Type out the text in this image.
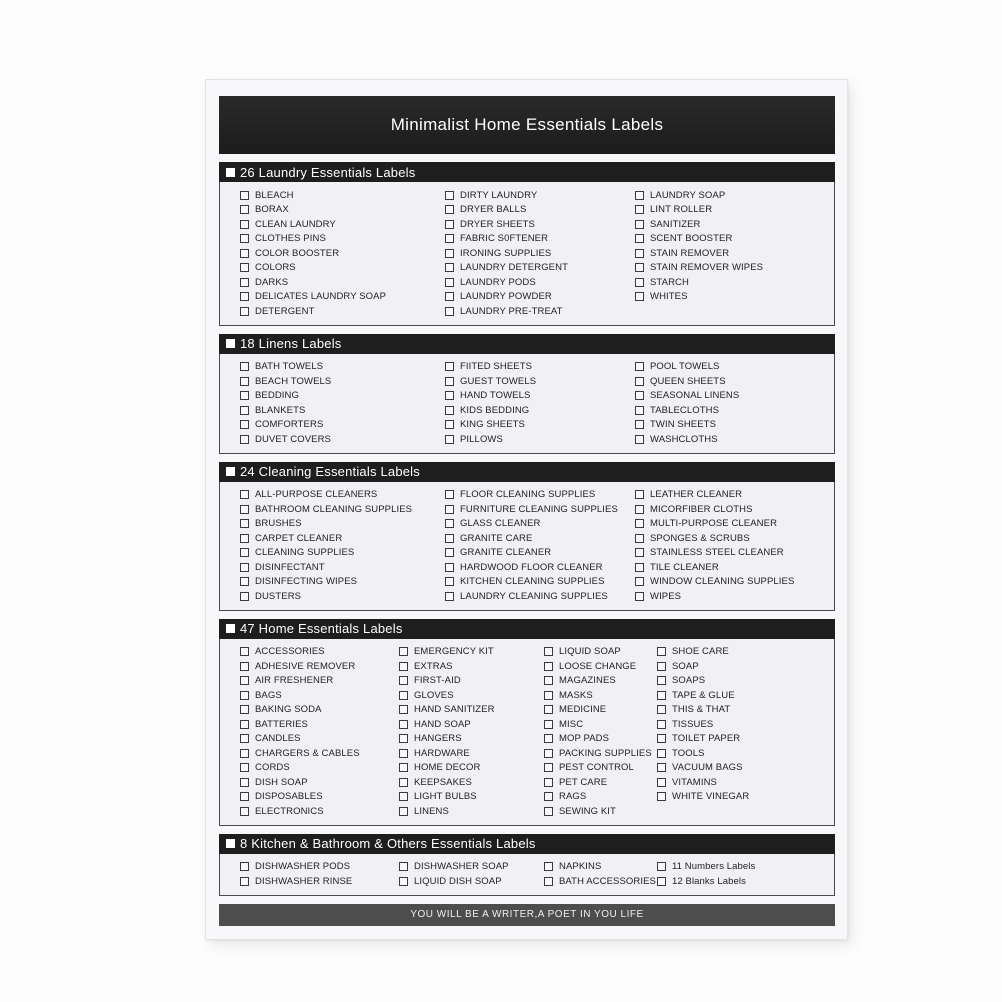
Minimalist Home Essentials Labels
26 Laundry Essentials Labels
BLEACH
BORAX
CLEAN LAUNDRY
CLOTHES PINS
COLOR BOOSTER
COLORS
DARKS
DELICATES LAUNDRY SOAP
DETERGENT
DIRTY LAUNDRY
DRYER BALLS
DRYER SHEETS
FABRIC S0FTENER
IRONING SUPPLIES
LAUNDRY DETERGENT
LAUNDRY PODS
LAUNDRY POWDER
LAUNDRY PRE-TREAT
LAUNDRY SOAP
LINT ROLLER
SANITIZER
SCENT BOOSTER
STAIN REMOVER
STAIN REMOVER WIPES
STARCH
WHITES
18 Linens Labels
BATH TOWELS
BEACH TOWELS
BEDDING
BLANKETS
COMFORTERS
DUVET COVERS
FIITED SHEETS
GUEST TOWELS
HAND TOWELS
KIDS BEDDING
KING SHEETS
PILLOWS
POOL TOWELS
QUEEN SHEETS
SEASONAL LINENS
TABLECLOTHS
TWIN SHEETS
WASHCLOTHS
24 Cleaning Essentials Labels
ALL-PURPOSE CLEANERS
BATHROOM CLEANING SUPPLIES
BRUSHES
CARPET CLEANER
CLEANING SUPPLIES
DISINFECTANT
DISINFECTING WIPES
DUSTERS
FLOOR CLEANING SUPPLIES
FURNITURE CLEANING SUPPLIES
GLASS CLEANER
GRANITE CARE
GRANITE CLEANER
HARDWOOD FLOOR CLEANER
KITCHEN CLEANING SUPPLIES
LAUNDRY CLEANING SUPPLIES
LEATHER CLEANER
MICORFIBER CLOTHS
MULTI-PURPOSE CLEANER
SPONGES & SCRUBS
STAINLESS STEEL CLEANER
TILE CLEANER
WINDOW CLEANING SUPPLIES
WIPES
47 Home Essentials Labels
ACCESSORIES
ADHESIVE REMOVER
AIR FRESHENER
BAGS
BAKING SODA
BATTERIES
CANDLES
CHARGERS & CABLES
CORDS
DISH SOAP
DISPOSABLES
ELECTRONICS
EMERGENCY KIT
EXTRAS
FIRST-AID
GLOVES
HAND SANITIZER
HAND SOAP
HANGERS
HARDWARE
HOME DECOR
KEEPSAKES
LIGHT BULBS
LINENS
LIQUID SOAP
LOOSE CHANGE
MAGAZINES
MASKS
MEDICINE
MISC
MOP PADS
PACKING SUPPLIES
PEST CONTROL
PET CARE
RAGS
SEWING KIT
SHOE CARE
SOAP
SOAPS
TAPE & GLUE
THIS & THAT
TISSUES
TOILET PAPER
TOOLS
VACUUM BAGS
VITAMINS
WHITE VINEGAR
8 Kitchen & Bathroom & Others Essentials Labels
DISHWASHER PODS
DISHWASHER RINSE
DISHWASHER SOAP
LIQUID DISH SOAP
NAPKINS
BATH ACCESSORIES
11 Numbers Labels
12 Blanks Labels
YOU WILL BE A WRITER,A POET IN YOU LIFE
